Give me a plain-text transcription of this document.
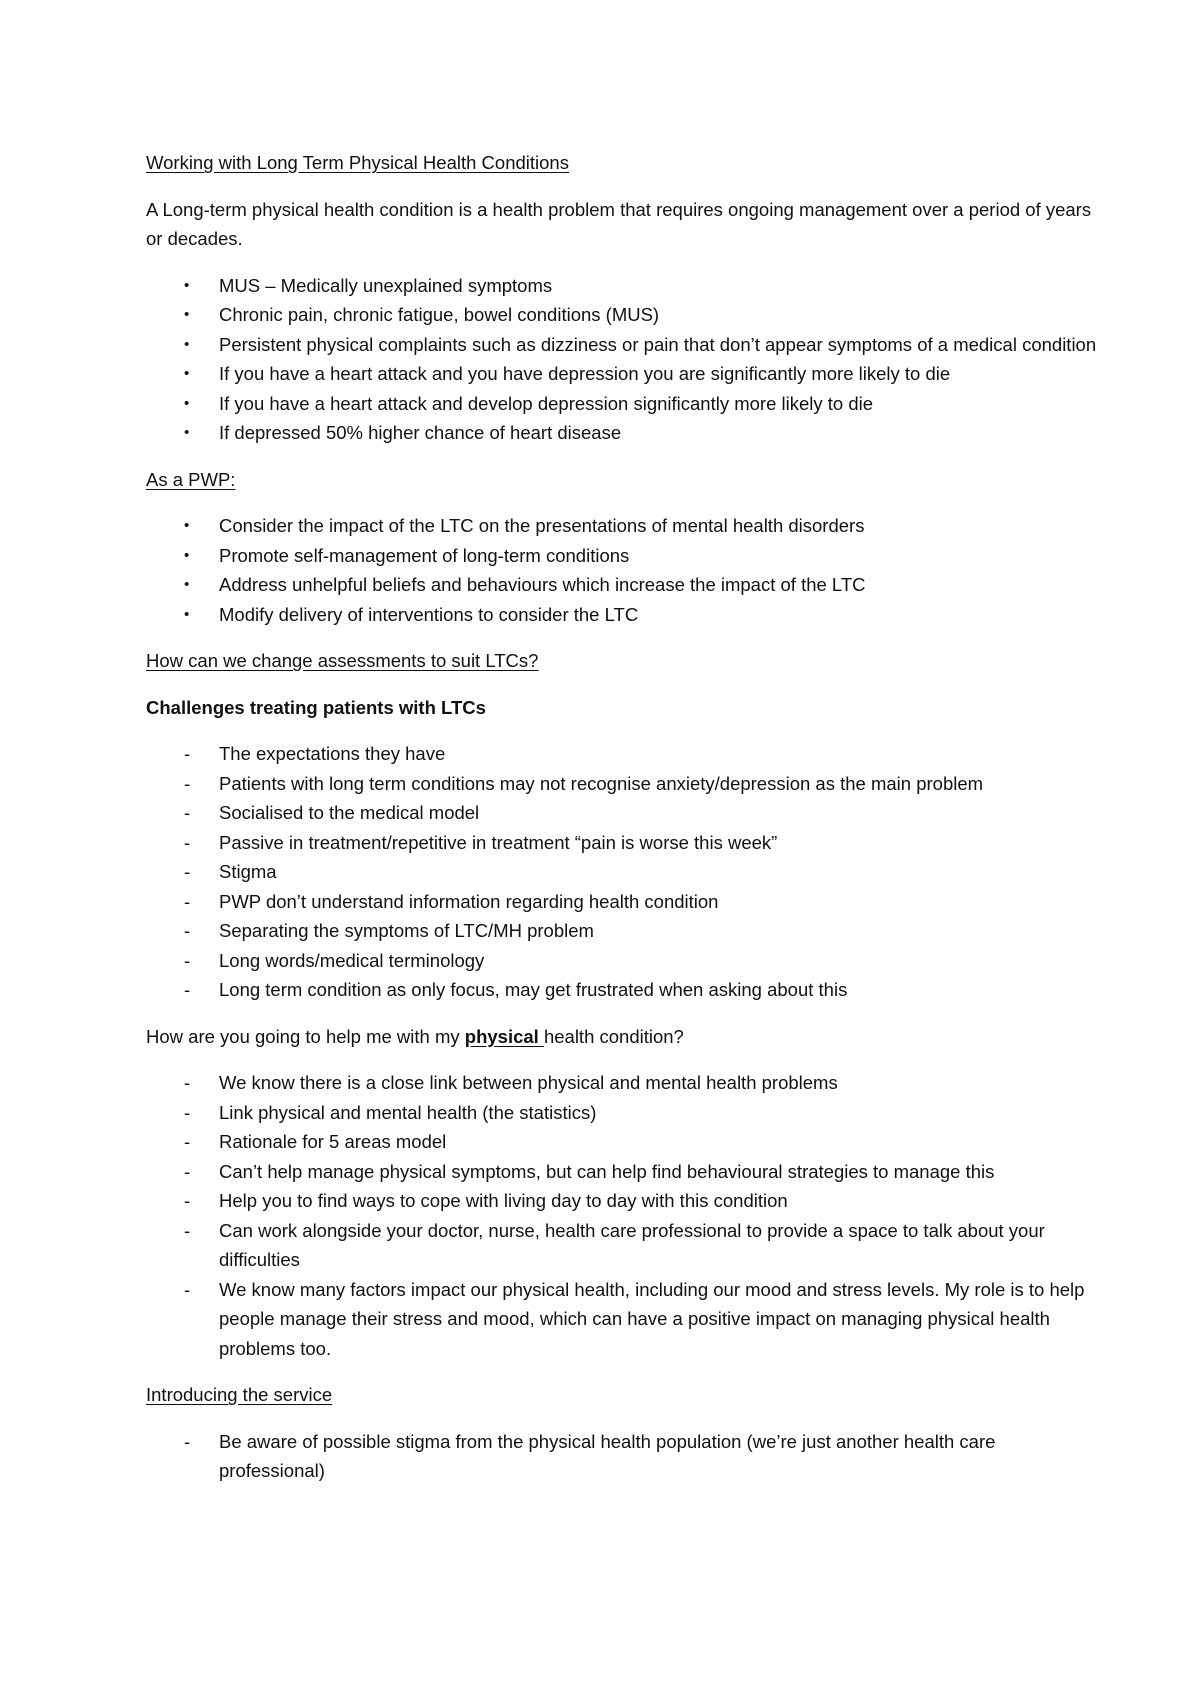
Working with Long Term Physical Health Conditions

A Long-term physical health condition is a health problem that requires ongoing management over a period of years or decades.

•	MUS – Medically unexplained symptoms
•	Chronic pain, chronic fatigue, bowel conditions (MUS)
•	Persistent physical complaints such as dizziness or pain that don’t appear symptoms of a medical condition
•	If you have a heart attack and you have depression you are significantly more likely to die
•	If you have a heart attack and develop depression significantly more likely to die
•	If depressed 50% higher chance of heart disease

As a PWP:

•	Consider the impact of the LTC on the presentations of mental health disorders
•	Promote self-management of long-term conditions
•	Address unhelpful beliefs and behaviours which increase the impact of the LTC
•	Modify delivery of interventions to consider the LTC

How can we change assessments to suit LTCs?

Challenges treating patients with LTCs

-	The expectations they have
-	Patients with long term conditions may not recognise anxiety/depression as the main problem
-	Socialised to the medical model
-	Passive in treatment/repetitive in treatment “pain is worse this week”
-	Stigma
-	PWP don’t understand information regarding health condition
-	Separating the symptoms of LTC/MH problem
-	Long words/medical terminology
-	Long term condition as only focus, may get frustrated when asking about this

How are you going to help me with my physical health condition?

-	We know there is a close link between physical and mental health problems
-	Link physical and mental health (the statistics)
-	Rationale for 5 areas model
-	Can’t help manage physical symptoms, but can help find behavioural strategies to manage this
-	Help you to find ways to cope with living day to day with this condition
-	Can work alongside your doctor, nurse, health care professional to provide a space to talk about your difficulties
-	We know many factors impact our physical health, including our mood and stress levels. My role is to help people manage their stress and mood, which can have a positive impact on managing physical health problems too.

Introducing the service

-	Be aware of possible stigma from the physical health population (we’re just another health care professional)
